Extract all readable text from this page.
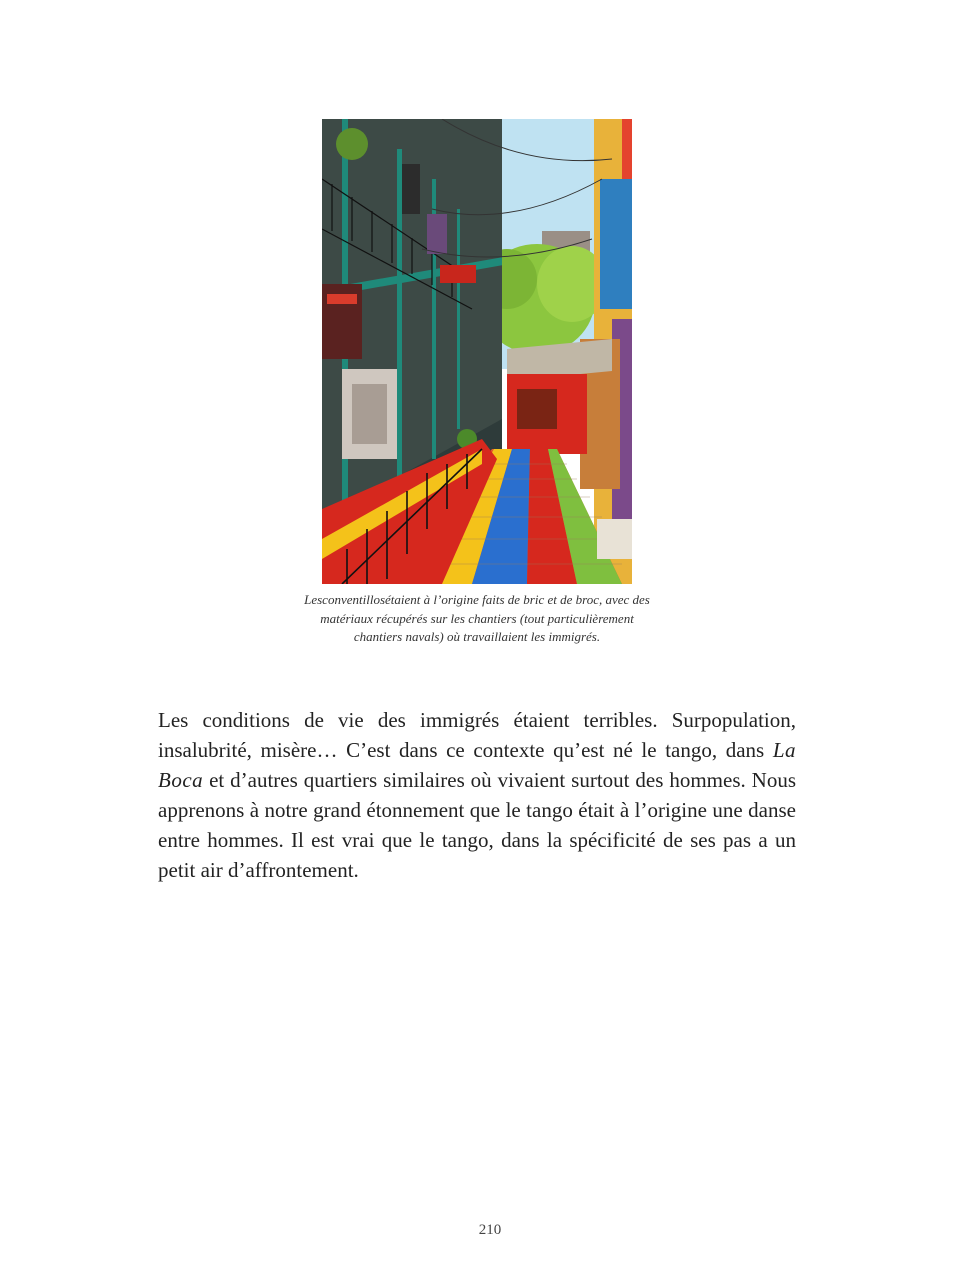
Lesconventillosétaient à l’origine faits de bric et de broc, avec des matériaux récupérés sur les chantiers (tout particulièrement chantiers navals) où travaillaient les immigrés.

Les conditions de vie des immigrés étaient terribles. Surpopulation, insalubrité, misère… C’est dans ce contexte qu’est né le tango, dans La Boca et d’autres quartiers similaires où vivaient surtout des hommes. Nous apprenons à notre grand étonnement que le tango était à l’origine une danse entre hommes. Il est vrai que le tango, dans la spécificité de ses pas a un petit air d’affrontement.

210
